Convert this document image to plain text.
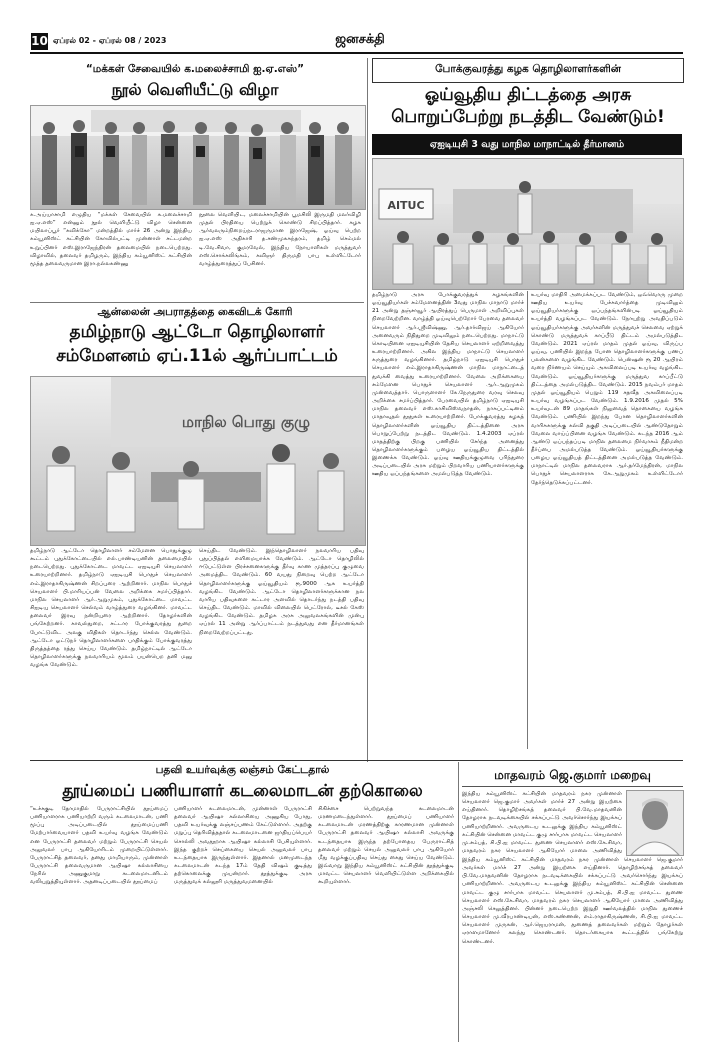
10 ஏப்ரல் 02 - ஏப்ரல் 08 / 2023	ஜனசக்தி
“மக்கள் சேவையில் க.மலைச்சாமி ஐ.ஏ.எஸ்”
நூல் வெளியீட்டு விழா
க.அய்யாசாமி எழுதிய “மக்கள் சேவையில் க.மலைச்சாமி ஐ.ஏ.எஸ்” என்னும் நூல் வெளியீட்டு விழா சென்னை மயிலாப்பூர் “கவிக்கோ” மன்றத்தில் மார்ச் 26 அன்று இந்திய கம்யூனிஸ்ட் கட்சியின் கோவில்பட்டி முன்னாள் சட்டமன்ற உறுப்பினர் எஸ்.இராஜேந்திரன் தலைமையில் நடைபெற்றது. விழாவில், தலைவர் தமிழரும், இந்திய கம்யூனிஸ்ட் கட்சியின் மூத்த தலைவருமான இரா.நல்லகண்ணு
நூலை வெளியிட, மலைச்சாமியின் பூமசிலி இருமதி மலர்விழி முதல் பிரதியை பெற்றுக் கொண்டு சிறப்பித்தார். கழக ஆர்வலரும்நிறைய்நடராஜருமான இராஜேஷ், ஓய்வு பெற்ற ஐ.ஏ.எஸ் அதிகாரி த.சண்முகசுந்தரம், தமிழ் செம்மல் டி.வே.சிவா, குமரவேல், இந்திய நோயாளிகள் மருத்துவர் எஸ்.சொக்கலிங்கம், கவிஞர் திருமதி பாபு உள்ளிட்டோர் வாழ்த்துரைத்துப் பேசினர்.
போக்குவரத்து கழக தொழிலாளர்களின்
ஓய்வூதிய திட்டத்தை அரசு
பொறுப்பேற்று நடத்திட வேண்டும்!
ஏஐடியுசி 3 வது மாநில மாநாட்டில் தீர்மானம்
AITUC
தமிழ்நாடு அரசு போக்குவரத்துக் கழகங்களின் ஓய்வூதியர்கள் சம்மேளனத்தின் 3வது மாநில மாநாடு மார்ச் 21 அன்று தஞ்சாவூர் ஆயிரத்துப் பெருமாள் அறிவிப்புகள் நிறைவேற்றின. வாழ்த்தி ஓய்வுபெற்றோர் பேரவை தலைவர் செயலாளர் ஆர்.ஸ்ரீவிஷ்ணு, ஆர்.தார்விஜய் ஆகியோர் அனைவரும் நிதிதுறை முடிவிலும் நடைபெற்றது. மாநாட்டு கொடியினை ஏஐடியுசியின் தேசிய செயலாளர் ஏற்றிவைத்து உரையாற்றினார். அகில இந்திய மாநாட்டு செயலாளர் கருத்துரை வழங்கினார். தமிழ்நாடு ஏஐடியுசி பொதுச் செயலாளர் எம்.இராதாகிருஷ்ணன் மாநில மாநாட்டைத் துவக்கி வைத்து உரையாற்றினார். வேலை அறிக்கையை சம்மேளன பொதுச் செயலாளர் ஆர்.ஆறுமுகம் முன்வைத்தார். பொருளாளர் கே.நேருதுரை வரவு செலவு அறிக்கை சமர்ப்பித்தார். பேரவையில் தமிழ்நாடு ஏஐடியுசி மாநில தலைவர் எஸ்.காசிவிஸ்வநாதன், நாகப்பட்டினம் மாதாவுதல் தூதுகள் உரையாற்றினர். போக்குவரத்து கழகத் தொழிலாளர்களின் ஓய்வூதிய திட்டத்தினை அரசு பொறுப்பேற்று நடத்திட வேண்டும். 1.4.2003 ஏப்ரல் மாதத்திற்கு பிறகு பணியில் சேர்ந்த அனைத்து தொழிலாளர்களுக்கும் பழைய ஓய்வூதிய திட்டத்தில் இணைக்க வேண்டும். ஓய்வு ஊதியக்குழுவை பரிந்துரை அடிப்படையில் அரசு மற்றும் பிறவாரிய பணியாளர்களுக்கு ஊதிய ஒப்பந்தங்களை அமல்படுத்த வேண்டும்.
உயர்வு மாதிரி அமைக்கப்பட வேண்டும், ஒவ்வொரு முறை ஊதிய உயர்வு பேச்சுவார்த்தை முடிவிலும் ஓய்வூதியர்களுக்கு ஒப்பந்தங்களின்படி ஓய்வூதியம் உயர்த்தி வழங்கப்பட வேண்டும். நோயுற்று அவதிப்படும் ஓய்வூதியர்களுக்கு அவர்களின் மருத்துவச் செலவை ஏற்றுக் கொண்டு மருத்துவக் காப்பீடு திட்டம் அமல்படுத்திட வேண்டும். 2021 ஏப்ரல் மாதம் முதல் ஓய்வு, விருப்ப ஓய்வு, பணியில் இறந்த போன தொழிலாளர்களுக்கு பணப் பலன்களை வழங்கிட வேண்டும். பென்ஷன் ரூ 20 ஆயிரம் வரை நிர்ணயம் செய்யும் அகவிலைப்படி உயர்வு வழங்கிட வேண்டும். ஓய்வூதியர்களுக்கு மருத்துவ காப்பீட்டு திட்டத்தை அமல்படுத்திட வேண்டும். 2015 நவம்பர் மாதம் முதல் ஓய்வூதியம் பெறும் 119 சதவீத அகவிலைப்படி உயர்வு வழங்கப்பட வேண்டும். 1.9.2016 முதல் 5% உயர்வுடன் 89 மாதங்கள் நிலுவைத் தொகையை வழங்க வேண்டும். பணியில் இறந்து போன தொழிலாளர்களின் வாரிசுகளுக்கு கல்வி தகுதி அடிப்படையில் ஆண்டுதோறும் வேலை வாய்ப்பினை வழங்க வேண்டும். கடந்த 2016 ஆம் ஆண்டு ஒப்பந்தப்படி மாநில தலைமை நிர்வாகம் நீதிமன்ற தீர்ப்பை அமல்படுத்த வேண்டும். ஓய்வூதியர்களுக்கு பழைய ஓய்வூதியத் திட்டத்தினை அமல்படுத்த வேண்டும். மாநாட்டில் மாநில தலைவராக ஆர்.தர்மேந்திரன், மாநில பொதுச் செயலாளராக கே.ஆறுமுகம் உள்ளிட்டோர் தேர்ந்தெடுக்கப்பட்டனர்.
ஆன்லைன் அபராதத்தை கைவிடக் கோரி
தமிழ்நாடு ஆட்டோ தொழிலாளர்
சம்மேளனம் ஏப்.11ல் ஆர்ப்பாட்டம்
மாநில பொது குழு
தமிழ்நாடு ஆட்டோ தொழிலாளர் சம்மேளன பொதுக்குழு கூட்டம் புதுக்கோட்டையில் எல்.பாண்டியனின் தலைமையில் நடைபெற்றது. புதுக்கோட்டை மாவட்ட ஏஐடியுசி செயலாளர் உரையாற்றினார். தமிழ்நாடு ஏஐடியுசி பொதுச் செயலாளர் எம்.இராதாகிருஷ்ணன் சிறப்புரை ஆற்றினார். மாநில பொதுச் செயலாளர் பி.மாரியப்பன் வேலை அறிக்கை சமர்ப்பித்தார். மாநில செயலாளர் ஆர்.ஆறுமுகம், புதுக்கோட்டை மாவட்ட சிஐடியு செயலாளர் செல்வம் வாழ்த்துரை வழங்கினர். மாவட்ட தலைவர் இரவு நன்றியுரை ஆற்றினார். தோழர்களின் பங்கேற்றனர். காவல்துறை, சட்டார போக்குவரத்து துறை போட்டுவிட அலகு விதிகள் தொடர்ந்து செல்ல வேண்டும். ஆட்டோ ஓட்டுநர் தொழிலாளர்களை பாதிக்கும் போக்குவரத்து திருத்தத்தை ரத்து செய்ய வேண்டும். தமிழ்நாட்டில் ஆட்டோ தொழிலாளர்களுக்கு நலவாரியம் மூலம் பயன்பெற தனி மனு வழங்க வேண்டும்.
செய்திட வேண்டும். இந்தொழிலாளர் நலவாரிய பதிவு புதுப்பித்தல் எளிமையாக்க வேண்டும். ஆட்டோ தொழிலில் ஈடுபட்டுள்ள பிரச்சனைகளுக்கு தீர்வு காண முத்தரப்பு குழுவை அமைத்திட வேண்டும். 60 வயது நிறைவு பெற்ற ஆட்டோ தொழிலாளர்களுக்கு ஓய்வூதியம் ரூ.9000 ஆக உயர்த்தி வழங்கிட வேண்டும். ஆட்டோ தொழிலாளர்களுக்கான நல வாரிய பதிவுகளை கட்டார அளவில் தொடர்ந்து நடத்தி பதிவு செய்திட வேண்டும். மாவில் விலையில் பெட்ரோல், டீசல் கேஸ் வழங்கிட வேண்டும். தமிழக அரசு அலுவலகங்களின் முன்பு ஏப்ரல் 11 அன்று ஆர்ப்பாட்டம் நடத்துவது என தீர்மானங்கள் நிறைவேற்றப்பட்டது.
பதவி உயர்வுக்கு லஞ்சம் கேட்டதால்
தூய்மைப் பணியாளர் கடலைமாடன் தற்கொலை
“உச்சகுடி தோமாதில் பேருராட்சியில் தூய்மைப் பணியாளராக பணியாற்றி வரும் கடலைமாடன், பணி மூப்பு அடிப்படையில் தூய்மைப்பணி மேற்பார்வையாளர் பதவி உயர்வு வழங்க வேண்டும் என பேருராட்சி தலைவர் மற்றும் பேருராட்சி செயல் அலுவலர் பாபு ஆகியோரிடம் முறையிட்டுள்ளார். பேருராட்சித் தலைவர், தனது மாமியாரும், முன்னாள் பேருராட்சி தலைவருமான ஆயிஷா கல்லாசியை நேரில் அணுகுமாறு கடலைமாடனிடம் வலியுறுத்தியுள்ளார். அதனடிப்படையில் தூய்மைப்
பணியாளர் கடலைமாடன், முன்னாள் பேருராட்சி தலைவர் ஆயிஷா கல்லாசியை அணுகிய போது, பதவி உயர்வுக்கு லஞ்சப்பணம் கேட்டுள்ளார். அதற்கு மறுப்பு தெரிவித்ததால் கடலைமாடனை ஜாதியப்பெயர் சொல்லி அவதூறாக ஆயிஷா கல்லாசி பேசியுள்ளார். இந்த குற்றச் செய்கையை செயல் அலுவலர் பாபு உடந்தையாக இருந்துள்ளார். இதனால் மனமுடைந்த கடலைமாடன் கடந்த 17ம் தேதி விஷம் குடித்து தற்கொலைக்கு முயன்றார். தூத்துக்குடி அரசு மருத்துவக் கல்லூரி மருத்துவமனையில்
சிகிச்சை பெற்றுவந்த கடலைமாடன் மரணமடைந்துள்ளார். தூய்மைப் பணியாளர் கடலைமாடன் மரணத்திற்கு காரணமான முன்னாள் பேருராட்சி தலைவர் ஆயிஷா கல்லாசி அவருக்கு உடந்தையாக இருந்த தற்போதைய பேருராட்சித் தலைவர் மற்றும் செயல் அலுவலர் பாபு ஆகியோர் மீது வழக்குப்பதிவு செய்து கைது செய்ய வேண்டும். இவ்வாறு இந்திய கம்யூனிஸ்ட் கட்சியின் தூத்துக்குடி மாவட்ட செயலாளர் வெளியிட்டுள்ள அறிக்கையில் கூறியுள்ளார்.
மாதவரம் ஜெ.குமார் மறைவு
இந்திய கம்யூனிஸ்ட் கட்சியின் மாதவரம் நகர முன்னாள் செயலாளர் ஜெ.குமார் அவர்கள் மார்ச் 27 அன்று இயற்கை எய்தினார். தொழிற்சங்கத் தலைவர் பி.வே.மாதவனின் தோழராக நடவடிக்கையில் சக்கப்பட்டு அவர்சொர்ந்து இயக்கப் பணியாற்றினார். அவருடைய உடலுக்கு இந்திய கம்யூனிஸ்ட் கட்சியின் சென்னை மாவட்ட குழு சார்பாக மாவட்ட செயலாளர் மு.சம்பத், சி.பி.ஐ மாவட்ட துணை செயலாளர் எஸ்.கே.சிவா, மாதவரம் நகர செயலாளர் ஆகியோர் மாலை அணிவித்து
இந்திய கம்யூனிஸ்ட் கட்சியின் மாதவரம் நகர முன்னாள் செயலாளர் ஜெ.குமார் அவர்கள் மார்ச் 27 அன்று இயற்கை எய்தினார். தொழிற்சங்கத் தலைவர் பி.வே.மாதவனின் தோழராக நடவடிக்கையில் சக்கப்பட்டு அவர்சொர்ந்து இயக்கப் பணியாற்றினார். அவருடைய உடலுக்கு இந்திய கம்யூனிஸ்ட் கட்சியின் சென்னை மாவட்ட குழு சார்பாக மாவட்ட செயலாளர் மு.சம்பத், சி.பி.ஐ மாவட்ட துணை செயலாளர் எஸ்.கே.சிவா, மாதவரம் நகர செயலாளர் ஆகியோர் மாலை அணிவித்து அஞ்சலி செலுத்தினர். பின்னர் நடைபெற்ற இறுதி ஊர்வலத்தில் மாநில துணைச் செயலாளர் மு.வீரபாண்டியன், எஸ்.கண்ணன், எம்.ராதாகிருஷ்ணன், சி.பி.ஐ மாவட்ட செயலாளர் முருகன், ஆர்.ஜெயராமன், துணைத் தலைவர்கள் மற்றும் தோழர்கள் ஏராளமானோர் கலந்து கொண்டனர். தொடர்கையாக கூட்டத்தில் பங்கேற்று கொண்டனர்.
